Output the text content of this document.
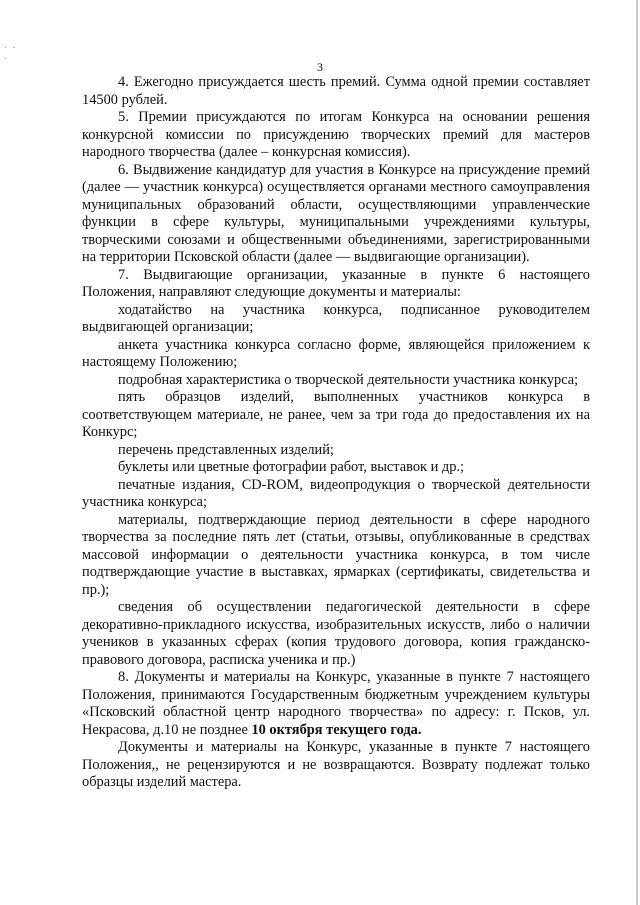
. . .
3

4. Ежегодно присуждается шесть премий. Сумма одной премии составляет 14500 рублей.

5. Премии присуждаются по итогам Конкурса на основании решения конкурсной комиссии по присуждению творческих премий для мастеров народного творчества (далее – конкурсная комиссия).

6. Выдвижение кандидатур для участия в Конкурсе на присуждение премий (далее — участник конкурса) осуществляется органами местного самоуправления муниципальных образований области, осуществляющими управленческие функции в сфере культуры, муниципальными учреждениями культуры, творческими союзами и общественными объединениями, зарегистрированными на территории Псковской области (далее — выдвигающие организации).

7. Выдвигающие организации, указанные в пункте 6 настоящего Положения, направляют следующие документы и материалы:

ходатайство на участника конкурса, подписанное руководителем выдвигающей организации;

анкета участника конкурса согласно форме, являющейся приложением к настоящему Положению;

подробная характеристика о творческой деятельности участника конкурса;

пять образцов изделий, выполненных участников конкурса в соответствующем материале, не ранее, чем за три года до предоставления их на Конкурс;

перечень представленных изделий;

буклеты или цветные фотографии работ, выставок и др.;

печатные издания, CD-ROM, видеопродукция о творческой деятельности участника конкурса;

материалы, подтверждающие период деятельности в сфере народного творчества за последние пять лет (статьи, отзывы, опубликованные в средствах массовой информации о деятельности участника конкурса, в том числе подтверждающие участие в выставках, ярмарках (сертификаты, свидетельства и пр.);

сведения об осуществлении педагогической деятельности в сфере декоративно-прикладного искусства, изобразительных искусств, либо о наличии учеников в указанных сферах (копия трудового договора, копия гражданско-правового договора, расписка ученика и пр.)

8. Документы и материалы на Конкурс, указанные в пункте 7 настоящего Положения, принимаются Государственным бюджетным учреждением культуры «Псковский областной центр народного творчества» по адресу: г. Псков, ул. Некрасова, д.10 не позднее 10 октября текущего года.

Документы и материалы на Конкурс, указанные в пункте 7 настоящего Положения,, не рецензируются и не возвращаются. Возврату подлежат только образцы изделий мастера.
